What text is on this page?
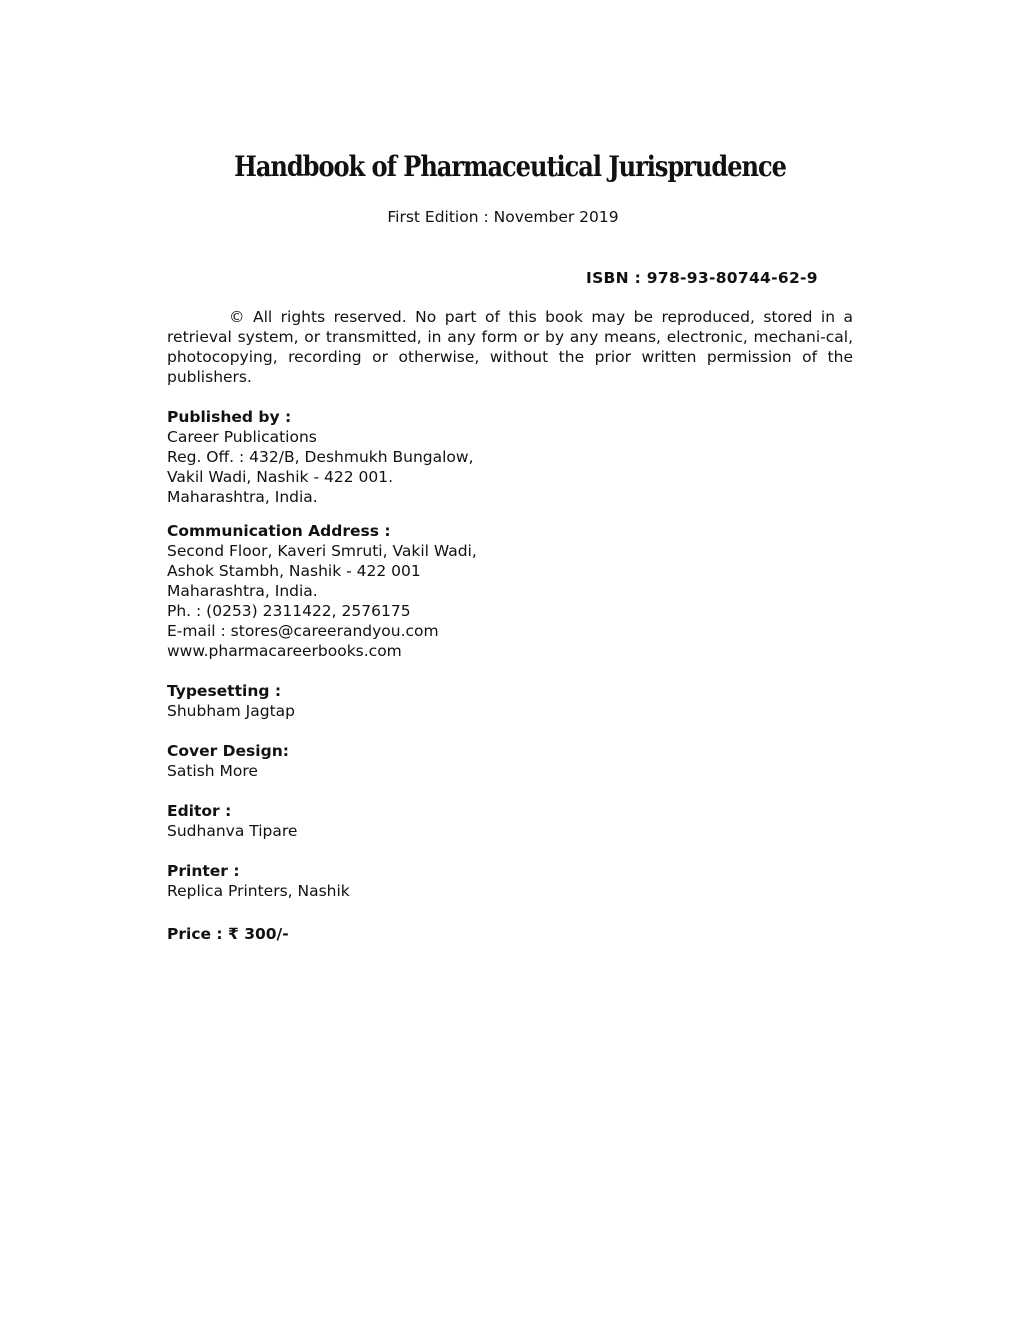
Handbook of Pharmaceutical Jurisprudence
First Edition : November 2019
ISBN : 978-93-80744-62-9
© All rights reserved. No part of this book may be reproduced, stored in a retrieval system, or transmitted, in any form or by any means, electronic, mechani-cal, photocopying, recording or otherwise, without the prior written permission of the publishers.
Published by :
Career Publications
Reg. Off. : 432/B, Deshmukh Bungalow,
Vakil Wadi, Nashik - 422 001.
Maharashtra, India.
Communication Address :
Second Floor, Kaveri Smruti, Vakil Wadi,
Ashok Stambh, Nashik - 422 001
Maharashtra, India.
Ph. : (0253) 2311422, 2576175
E-mail : stores@careerandyou.com
www.pharmacareerbooks.com
Typesetting :
Shubham Jagtap
Cover Design:
Satish More
Editor :
Sudhanva Tipare
Printer :
Replica Printers, Nashik
Price : ₹ 300/-
